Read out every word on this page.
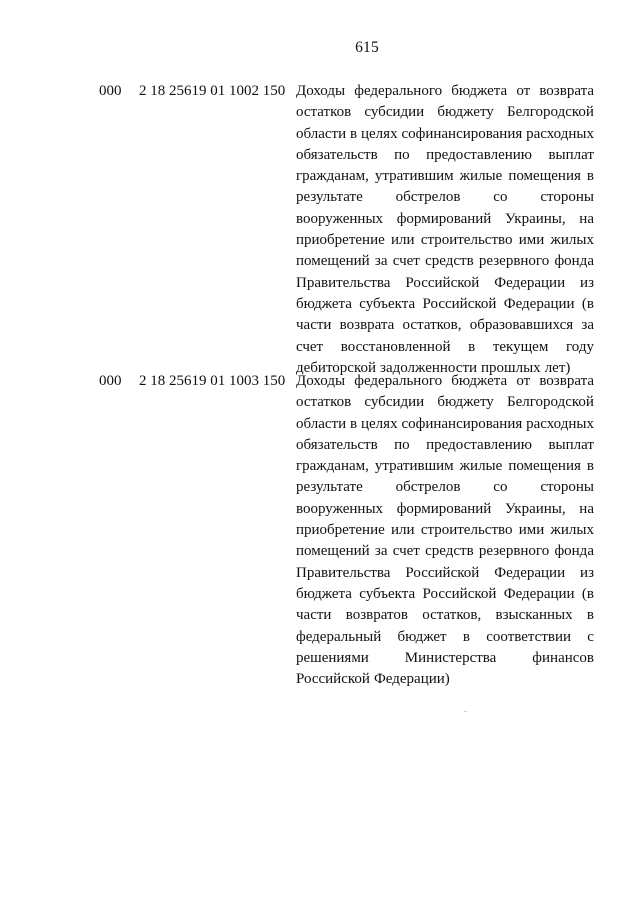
615
000 2 18 25619 01 1002 150 Доходы федерального бюджета от возврата
остатков субсидии бюджету Белгородской
области в целях софинансирования расходных
обязательств по предоставлению выплат
гражданам, утратившим жилые помещения в
результате обстрелов со стороны
вооруженных формирований Украины, на
приобретение или строительство ими жилых
помещений за счет средств резервного фонда
Правительства Российской Федерации из
бюджета субъекта Российской Федерации (в
части возврата остатков, образовавшихся за
счет восстановленной в текущем году
дебиторской задолженности прошлых лет)
000 2 18 25619 01 1003 150 Доходы федерального бюджета от возврата
остатков субсидии бюджету Белгородской
области в целях софинансирования расходных
обязательств по предоставлению выплат
гражданам, утратившим жилые помещения в
результате обстрелов со стороны
вооруженных формирований Украины, на
приобретение или строительство ими жилых
помещений за счет средств резервного фонда
Правительства Российской Федерации из
бюджета субъекта Российской Федерации (в
части возвратов остатков, взысканных в
федеральный бюджет в соответствии с
решениями Министерства финансов
Российской Федерации)
